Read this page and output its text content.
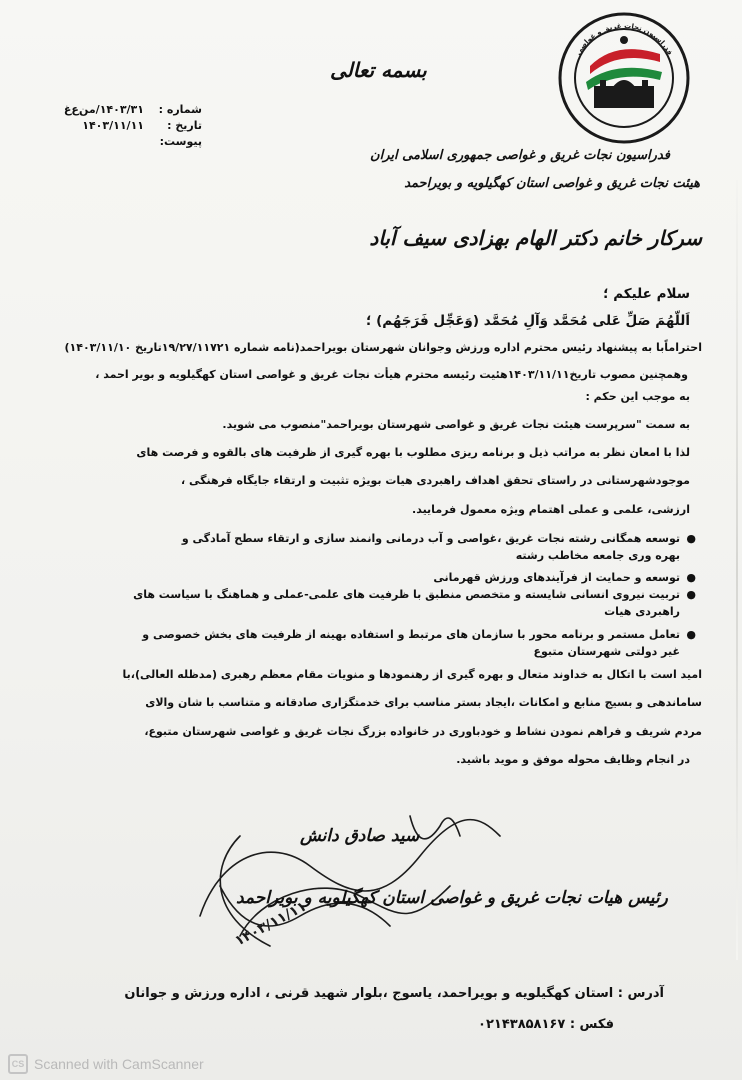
فدراسیون نجات غریق و غواصی
فدراسیون نجات غریق و غواصی جمهوری اسلامی ایران
هیئت نجات غریق و غواصی استان کهگیلویه و بویراحمد
بسمه تعالی
شماره :
۱۴۰۳/۳۱/من‌ع‌غ
تاریخ :
۱۴۰۳/۱۱/۱۱
پیوست:
سرکار خانم دکتر الهام بهزادی سیف آباد
سلام علیکم ؛
اَللّهُمَ صَلِّ عَلی مُحَمَّد وَآلِ مُحَمَّد (وَعَجِّل فَرَجَهُم) ؛
احتراماًبا به پیشنهاد رئیس محترم اداره ورزش وجوانان شهرستان بویراحمد(نامه شماره ۱۹/۲۷/۱۱۷۲۱تاریخ ۱۴۰۳/۱۱/۱۰)
وهمچنین مصوب تاریخ۱۴۰۳/۱۱/۱۱هئیت رئیسه محترم هیأت نجات غریق و غواصی استان کهگیلویه و بویر احمد ،
به موجب این حکم :
به سمت "سرپرست هیئت نجات غریق و غواصی شهرستان بویراحمد"منصوب می شوید.
لذا با امعان نظر به مراتب ذیل و برنامه ریزی مطلوب با بهره گیری از ظرفیت های بالقوه و فرصت های
موجودشهرستانی در راستای تحقق اهداف راهبردی هیات بویژه تثبیت و ارتقاء جایگاه فرهنگی ،
ارزشی، علمی و عملی اهتمام ویژه معمول فرمایید.
●
توسعه همگانی رشته نجات غریق ،غواصی و آب درمانی وانمند سازی و ارتقاء سطح آمادگی و
بهره وری جامعه مخاطب رشته
●
توسعه و حمایت از فرآیندهای ورزش قهرمانی
●
تربیت نیروی انسانی شایسته و متخصص منطبق با ظرفیت های علمی-عملی و هماهنگ با سیاست های
راهبردی هیات
●
تعامل مستمر و برنامه محور با سازمان های مرتبط و استفاده بهینه از ظرفیت های بخش خصوصی و
غیر دولتی شهرستان متبوع
امید است با اتکال به خداوند متعال و بهره گیری از رهنمودها و منویات مقام معظم رهبری (مدظله العالی)،با
ساماندهی و بسیج منابع و امکانات ،ایجاد بستر مناسب برای خدمتگزاری صادقانه و متناسب با شان والای
مردم شریف و فراهم نمودن نشاط و خودباوری در خانواده بزرگ نجات غریق و غواصی شهرستان متبوع،
در انجام وظایف محوله موفق و موید باشید.
۱۴۰۳/۱۱/۱۱
سید صادق دانش
رئیس هیات نجات غریق و غواصی استان کهگیلویه و بویراحمد
آدرس : استان کهگیلویه و بویراحمد، یاسوج ،بلوار شهید قرنی ، اداره ورزش و جوانان
فکس : ۰۲۱۴۳۸۵۸۱۶۷
CS Scanned with CamScanner
